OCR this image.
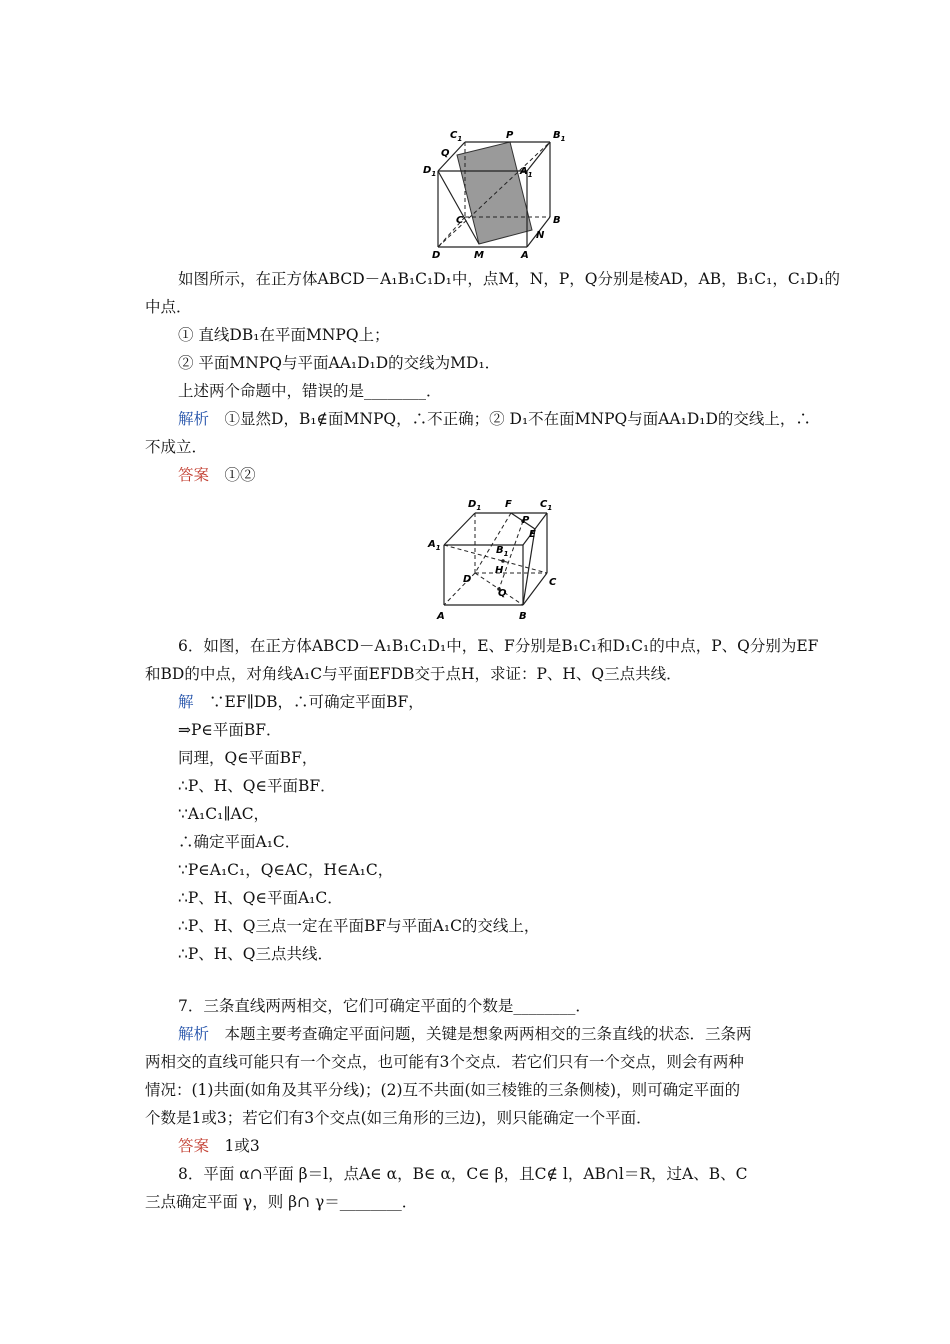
$C_1$	P	$B_1$
Q
$D_1$	$A_1$
C	B
N
D	M	A
如图所示，在正方体ABCD－A₁B₁C₁D₁中，点M，N，P，Q分别是棱AD，AB，B₁C₁，C₁D₁的
中点．
① 直线DB₁在平面MNPQ上；
② 平面MNPQ与平面AA₁D₁D的交线为MD₁．
上述两个命题中，错误的是________．
解析  ①显然D，B₁∉面MNPQ，∴不正确；② D₁不在面MNPQ与面AA₁D₁D的交线上，∴
不成立．
答案  ①②
$D_1$ F	$C_1$
P
E
$A_1$	$B_1$
H
D	C
Q
A	B
6．如图，在正方体ABCD－A₁B₁C₁D₁中，E、F分别是B₁C₁和D₁C₁的中点，P、Q分别为EF
和BD的中点，对角线A₁C与平面EFDB交于点H，求证：P、H、Q三点共线．
解  ∵EF∥DB，∴可确定平面BF，
⇒P∈平面BF．
同理，Q∈平面BF，
∴P、H、Q∈平面BF．
∵A₁C₁∥AC，
∴确定平面A₁C．
∵P∈A₁C₁，Q∈AC，H∈A₁C，
∴P、H、Q∈平面A₁C．
∴P、H、Q三点一定在平面BF与平面A₁C的交线上，
∴P、H、Q三点共线．
7．三条直线两两相交，它们可确定平面的个数是________．
解析  本题主要考查确定平面问题，关键是想象两两相交的三条直线的状态．三条两
两相交的直线可能只有一个交点，也可能有3个交点．若它们只有一个交点，则会有两种
情况：(1)共面(如角及其平分线)；(2)互不共面(如三棱锥的三条侧棱)，则可确定平面的
个数是1或3；若它们有3个交点(如三角形的三边)，则只能确定一个平面．
答案  1或3
8．平面 α∩平面 β＝l，点A∈ α，B∈ α，C∈ β，且C∉ l，AB∩l＝R，过A、B、C
三点确定平面 γ，则 β∩ γ＝________．
